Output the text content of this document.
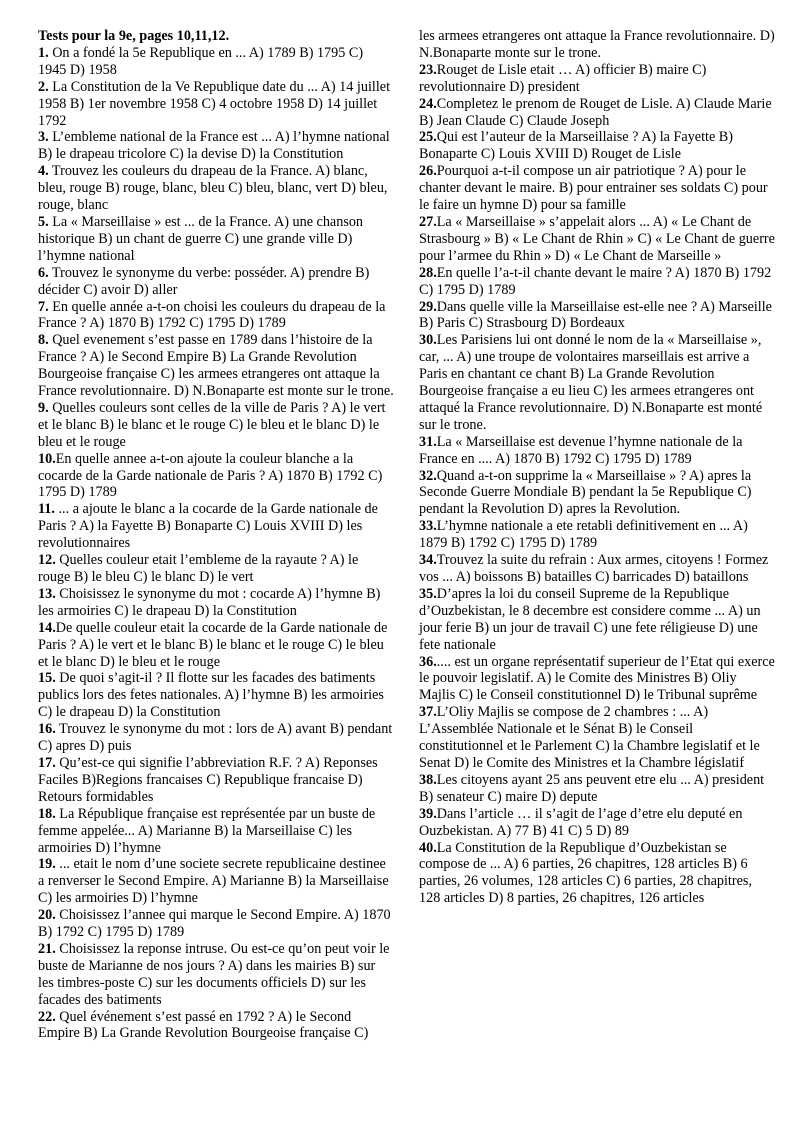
Tests pour la 9e, pages 10,11,12.

1. On a fondé la 5e Republique en ... A) 1789 B) 1795 C) 1945 D) 1958

2. La Constitution de la Ve Republique date du ... A) 14 juillet 1958 B) 1er novembre 1958 C) 4 octobre 1958 D) 14 juillet 1792

3. L’embleme national de la France est ... A) l’hymne national B) le drapeau tricolore C) la devise D) la Constitution

4. Trouvez les couleurs du drapeau de la France. A) blanc, bleu, rouge B) rouge, blanc, bleu C) bleu, blanc, vert D) bleu, rouge, blanc

5. La « Marseillaise » est ... de la France. A) une chanson historique B) un chant de guerre C) une grande ville D) l’hymne national

6. Trouvez le synonyme du verbe: posséder. A) prendre B) décider C) avoir D) aller

7. En quelle année a-t-on choisi les couleurs du drapeau de la France ? A) 1870 B) 1792 C) 1795 D) 1789

8. Quel evenement s’est passe en 1789 dans l’histoire de la France ? A) le Second Empire B) La Grande Revolution Bourgeoise française C) les armees etrangeres ont attaque la France revolutionnaire. D) N.Bonaparte est monte sur le trone.

9. Quelles couleurs sont celles de la ville de Paris ? A) le vert et le blanc B) le blanc et le rouge C) le bleu et le blanc D) le bleu et le rouge

10.En quelle annee a-t-on ajoute la couleur blanche a la cocarde de la Garde nationale de Paris ? A) 1870 B) 1792 C) 1795 D) 1789

11. ... a ajoute le blanc a la cocarde de la Garde nationale de Paris ? A) la Fayette B) Bonaparte C) Louis XVIII D) les revolutionnaires

12. Quelles couleur etait l’embleme de la rayaute ? A) le rouge B) le bleu C) le blanc D) le vert

13. Choisissez le synonyme du mot : cocarde A) l’hymne B) les armoiries C) le drapeau D) la Constitution

14.De quelle couleur etait la cocarde de la Garde nationale de Paris ? A) le vert et le blanc B) le blanc et le rouge C) le bleu et le blanc D) le bleu et le rouge

15. De quoi s’agit-il ? Il flotte sur les facades des batiments publics lors des fetes nationales. A) l’hymne B) les armoiries C) le drapeau D) la Constitution

16. Trouvez le synonyme du mot : lors de A) avant B) pendant C) apres D) puis

17. Qu’est-ce qui signifie l’abbreviation R.F. ? A) Reponses Faciles B)Regions francaises C) Republique francaise D) Retours formidables

18. La République française est représentée par un buste de femme appelée... A) Marianne B) la Marseillaise C) les armoiries D) l’hymne

19. ... etait le nom d’une societe secrete republicaine destinee a renverser le Second Empire. A) Marianne B) la Marseillaise C) les armoiries D) l’hymne

20. Choisissez l’annee qui marque le Second Empire. A) 1870 B) 1792 C) 1795 D) 1789

21. Choisissez la reponse intruse. Ou est-ce qu’on peut voir le buste de Marianne de nos jours ? A) dans les mairies B) sur les timbres-poste C) sur les documents officiels D) sur les facades des batiments

22. Quel événement s’est passé en 1792 ? A) le Second Empire B) La Grande Revolution Bourgeoise française C)

les armees etrangeres ont attaque la France revolutionnaire. D) N.Bonaparte monte sur le trone.

23.Rouget de Lisle etait … A) officier B) maire C) revolutionnaire D) president

24.Completez le prenom de Rouget de Lisle. A) Claude Marie B) Jean Claude C) Claude Joseph

25.Qui est l’auteur de la Marseillaise ? A) la Fayette B) Bonaparte C) Louis XVIII D) Rouget de Lisle

26.Pourquoi a-t-il compose un air patriotique ? A) pour le chanter devant le maire. B) pour entrainer ses soldats C) pour le faire un hymne D) pour sa famille

27.La « Marseillaise » s’appelait alors ... A) « Le Chant de Strasbourg » B) « Le Chant de Rhin » C) « Le Chant de guerre pour l’armee du Rhin » D) « Le Chant de Marseille »

28.En quelle l’a-t-il chante devant le maire ? A) 1870 B) 1792 C) 1795 D) 1789

29.Dans quelle ville la Marseillaise est-elle nee ? A) Marseille B) Paris C) Strasbourg D) Bordeaux

30.Les Parisiens lui ont donné le nom de la « Marseillaise », car, ... A) une troupe de volontaires marseillais est arrive a Paris en chantant ce chant B) La Grande Revolution Bourgeoise française a eu lieu C) les armees etrangeres ont attaqué la France revolutionnaire. D) N.Bonaparte est monté sur le trone.

31.La « Marseillaise est devenue l’hymne nationale de la France en .... A) 1870 B) 1792 C) 1795 D) 1789

32.Quand a-t-on supprime la « Marseillaise » ? A) apres la Seconde Guerre Mondiale B) pendant la 5e Republique C) pendant la Revolution D) apres la Revolution.

33.L’hymne nationale a ete retabli definitivement en ... A) 1879 B) 1792 C) 1795 D) 1789

34.Trouvez la suite du refrain : Aux armes, citoyens ! Formez vos ... A) boissons B) batailles C) barricades D) bataillons

35.D’apres la loi du conseil Supreme de la Republique d’Ouzbekistan, le 8 decembre est considere comme ... A) un jour ferie B) un jour de travail C) une fete réligieuse D) une fete nationale

36..... est un organe représentatif superieur de l’Etat qui exerce le pouvoir legislatif. A) le Comite des Ministres B) Oliy Majlis C) le Conseil constitutionnel D) le Tribunal suprême

37.L’Oliy Majlis se compose de 2 chambres : ... A) L’Assemblée Nationale et le Sénat B) le Conseil constitutionnel et le Parlement C) la Chambre legislatif et le Senat D) le Comite des Ministres et la Chambre législatif

38.Les citoyens ayant 25 ans peuvent etre elu ... A) president B) senateur C) maire D) depute

39.Dans l’article … il s’agit de l’age d’etre elu deputé en Ouzbekistan. A) 77 B) 41 C) 5 D) 89

40.La Constitution de la Republique d’Ouzbekistan se compose de ... A) 6 parties, 26 chapitres, 128 articles B) 6 parties, 26 volumes, 128 articles C) 6 parties, 28 chapitres, 128 articles D) 8 parties, 26 chapitres, 126 articles
